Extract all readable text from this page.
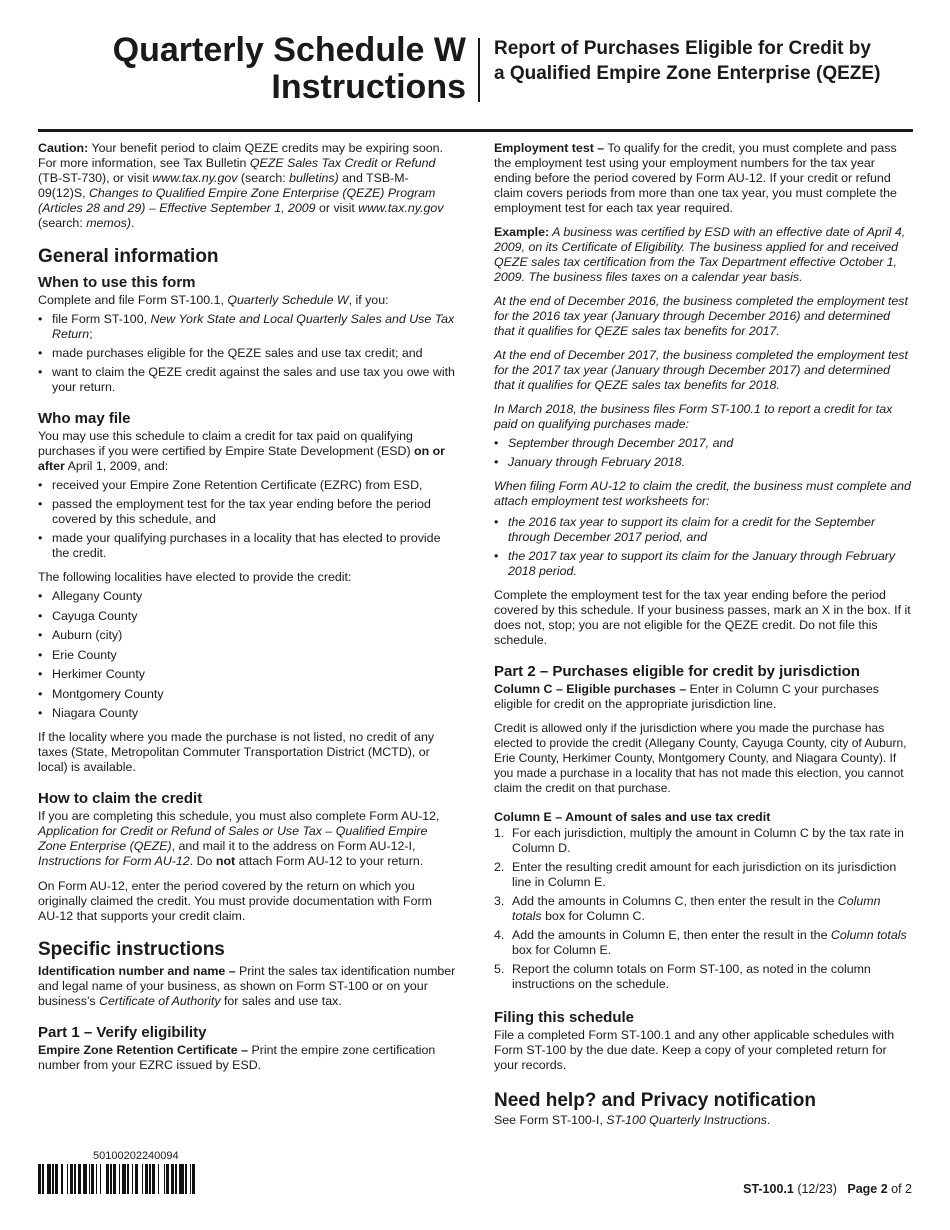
Quarterly Schedule W
Instructions
Report of Purchases Eligible for Credit by
a Qualified Empire Zone Enterprise (QEZE)

Caution: Your benefit period to claim QEZE credits may be expiring soon. For more information, see Tax Bulletin QEZE Sales Tax Credit or Refund (TB-ST-730), or visit www.tax.ny.gov (search: bulletins) and TSB-M-09(12)S, Changes to Qualified Empire Zone Enterprise (QEZE) Program (Articles 28 and 29) – Effective September 1, 2009 or visit www.tax.ny.gov (search: memos).

General information
When to use this form

Complete and file Form ST-100.1, Quarterly Schedule W, if you:

• file Form ST-100, New York State and Local Quarterly Sales and Use Tax Return;
• made purchases eligible for the QEZE sales and use tax credit; and
• want to claim the QEZE credit against the sales and use tax you owe with your return.
Who may file

You may use this schedule to claim a credit for tax paid on qualifying purchases if you were certified by Empire State Development (ESD) on or after April 1, 2009, and:

• received your Empire Zone Retention Certificate (EZRC) from ESD,
• passed the employment test for the tax year ending before the period covered by this schedule, and
• made your qualifying purchases in a locality that has elected to provide the credit.

The following localities have elected to provide the credit:

• Allegany County
• Cayuga County
• Auburn (city)
• Erie County
• Herkimer County
• Montgomery County
• Niagara County

If the locality where you made the purchase is not listed, no credit of any taxes (State, Metropolitan Commuter Transportation District (MCTD), or local) is available.

How to claim the credit

If you are completing this schedule, you must also complete Form AU-12, Application for Credit or Refund of Sales or Use Tax – Qualified Empire Zone Enterprise (QEZE), and mail it to the address on Form AU-12-I, Instructions for Form AU-12. Do not attach Form AU-12 to your return.

On Form AU-12, enter the period covered by the return on which you originally claimed the credit. You must provide documentation with Form AU-12 that supports your credit claim.

Specific instructions

Identification number and name – Print the sales tax identification number and legal name of your business, as shown on Form ST-100 or on your business’s Certificate of Authority for sales and use tax.

Part 1 – Verify eligibility

Empire Zone Retention Certificate – Print the empire zone certification number from your EZRC issued by ESD.

Employment test – To qualify for the credit, you must complete and pass the employment test using your employment numbers for the tax year ending before the period covered by Form AU-12. If your credit or refund claim covers periods from more than one tax year, you must complete the employment test for each tax year required.

Example: A business was certified by ESD with an effective date of April 4, 2009, on its Certificate of Eligibility. The business applied for and received QEZE sales tax certification from the Tax Department effective October 1, 2009. The business files taxes on a calendar year basis.

At the end of December 2016, the business completed the employment test for the 2016 tax year (January through December 2016) and determined that it qualifies for QEZE sales tax benefits for 2017.

At the end of December 2017, the business completed the employment test for the 2017 tax year (January through December 2017) and determined that it qualifies for QEZE sales tax benefits for 2018.

In March 2018, the business files Form ST-100.1 to report a credit for tax paid on qualifying purchases made:

• September through December 2017, and
• January through February 2018.

When filing Form AU-12 to claim the credit, the business must complete and attach employment test worksheets for:

• the 2016 tax year to support its claim for a credit for the September through December 2017 period, and
• the 2017 tax year to support its claim for the January through February 2018 period.

Complete the employment test for the tax year ending before the period covered by this schedule. If your business passes, mark an X in the box. If it does not, stop; you are not eligible for the QEZE credit. Do not file this schedule.

Part 2 – Purchases eligible for credit by jurisdiction

Column C – Eligible purchases – Enter in Column C your purchases eligible for credit on the appropriate jurisdiction line.

Credit is allowed only if the jurisdiction where you made the purchase has elected to provide the credit (Allegany County, Cayuga County, city of Auburn, Erie County, Herkimer County, Montgomery County, and Niagara County). If you made a purchase in a locality that has not made this election, you cannot claim the credit on that purchase.

Column E – Amount of sales and use tax credit
1. For each jurisdiction, multiply the amount in Column C by the tax rate in Column D.
2. Enter the resulting credit amount for each jurisdiction on its jurisdiction line in Column E.
3. Add the amounts in Columns C, then enter the result in the Column totals box for Column C.
4. Add the amounts in Column E, then enter the result in the Column totals box for Column E.
5. Report the column totals on Form ST-100, as noted in the column instructions on the schedule.
Filing this schedule

File a completed Form ST-100.1 and any other applicable schedules with Form ST-100 by the due date. Keep a copy of your completed return for your records.

Need help? and Privacy notification

See Form ST-100-I, ST-100 Quarterly Instructions.

50100202240094
ST-100.1 (12/23) Page 2 of 2
